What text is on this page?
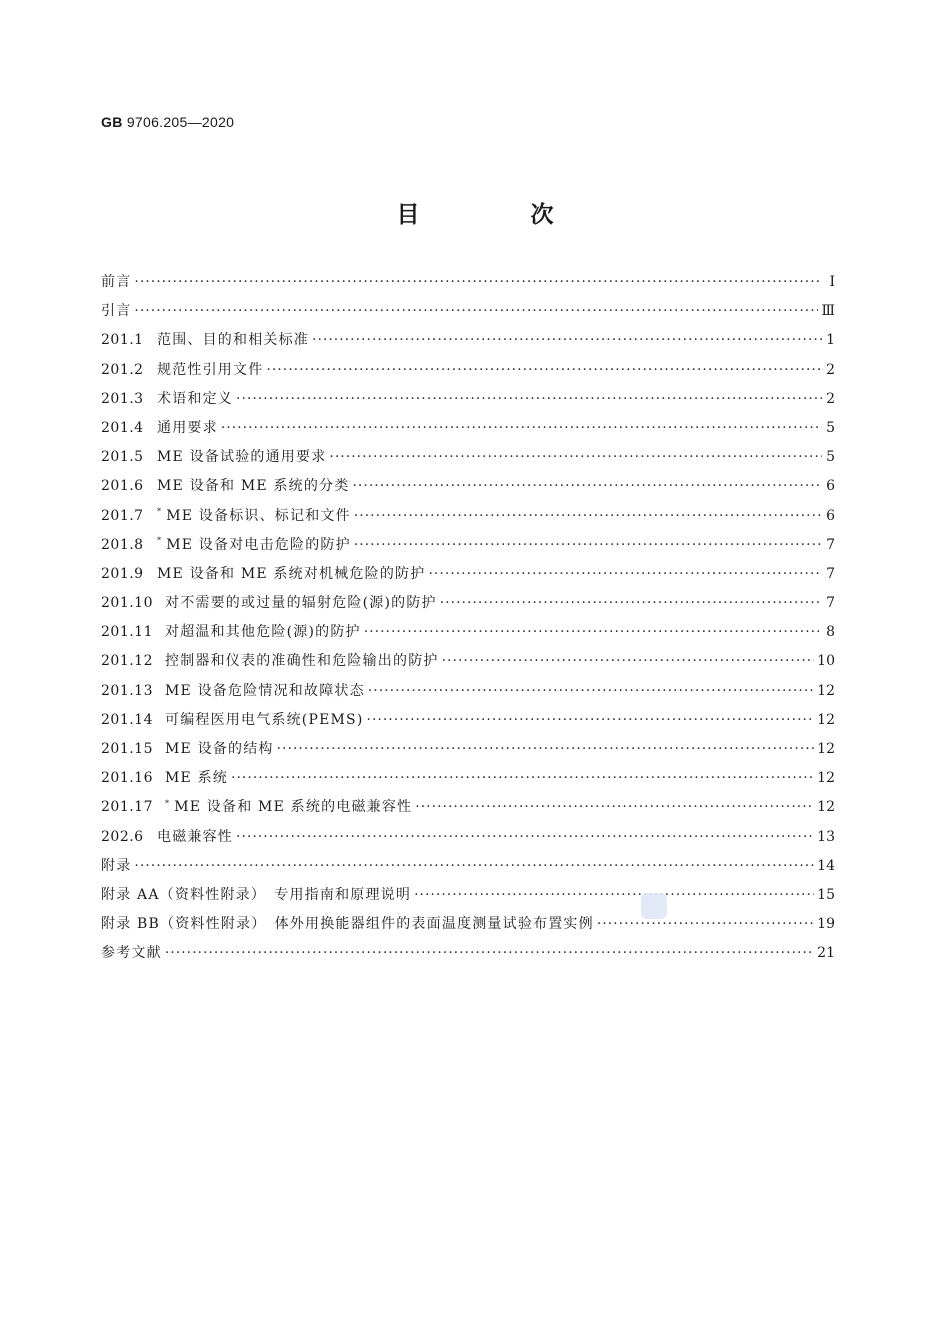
GB 9706.205—2020
目　次
前言 ·····	Ⅰ
引言 ·····	Ⅲ
201.1 范围、目的和相关标准 ·····	1
201.2 规范性引用文件 ·····	2
201.3 术语和定义 ·····	2
201.4 通用要求 ·····	5
201.5 ME 设备试验的通用要求 ·····	5
201.6 ME 设备和 ME 系统的分类 ·····	6
201.7	* ME 设备标识、标记和文件 ·····	6
201.8	* ME 设备对电击危险的防护 ·····	7
201.9 ME 设备和 ME 系统对机械危险的防护 ·····	7
201.10 对不需要的或过量的辐射危险(源)的防护 ·····	7
201.11 对超温和其他危险(源)的防护 ·····	8
201.12 控制器和仪表的准确性和危险输出的防护 ·····	10
201.13 ME 设备危险情况和故障状态 ·····	12
201.14 可编程医用电气系统(PEMS) ·····	12
201.15 ME 设备的结构 ·····	12
201.16 ME 系统 ·····	12
201.17	* ME 设备和 ME 系统的电磁兼容性 ·····	12
202.6 电磁兼容性 ·····	13
附录 ·····	14
附录 AA（资料性附录）　专用指南和原理说明 ·····	15
附录 BB（资料性附录）　体外用换能器组件的表面温度测量试验布置实例 ·····	19
参考文献 ·····	21
